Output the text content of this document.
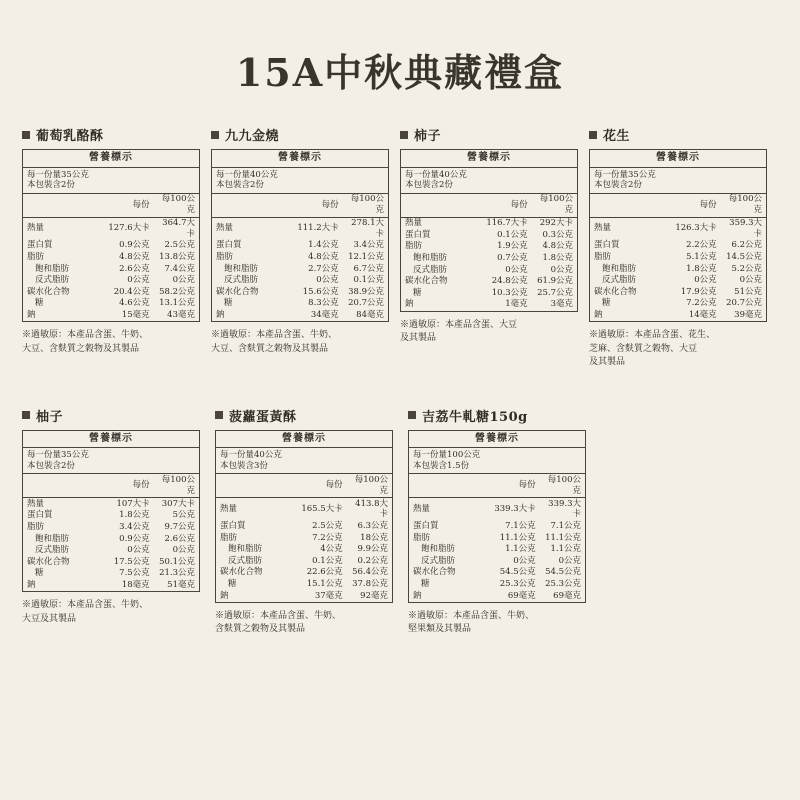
15A中秋典藏禮盒
葡萄乳酪酥
營養標示		

每一份量35公克
本包裝含2份		

	每份	每100公克
熱量	127.6大卡	364.7大卡
蛋白質	0.9公克	2.5公克
脂肪	4.8公克	13.8公克
飽和脂肪	2.6公克	7.4公克
反式脂肪	0公克	0公克
碳水化合物	20.4公克	58.2公克
糖	4.6公克	13.1公克
鈉	15毫克	43毫克
※過敏原：本產品含蛋、牛奶、
大豆、含麩質之穀物及其製品
九九金燒
營養標示		

每一份量40公克
本包裝含2份		

	每份	每100公克
熱量	111.2大卡	278.1大卡
蛋白質	1.4公克	3.4公克
脂肪	4.8公克	12.1公克
飽和脂肪	2.7公克	6.7公克
反式脂肪	0公克	0.1公克
碳水化合物	15.6公克	38.9公克
糖	8.3公克	20.7公克
鈉	34毫克	84毫克
※過敏原：本產品含蛋、牛奶、
大豆、含麩質之穀物及其製品
柿子
營養標示		

每一份量40公克
本包裝含2份		

	每份	每100公克
熱量	116.7大卡	292大卡
蛋白質	0.1公克	0.3公克
脂肪	1.9公克	4.8公克
飽和脂肪	0.7公克	1.8公克
反式脂肪	0公克	0公克
碳水化合物	24.8公克	61.9公克
糖	10.3公克	25.7公克
鈉	1毫克	3毫克
※過敏原：本產品含蛋、大豆
及其製品
花生
營養標示		

每一份量35公克
本包裝含2份		

	每份	每100公克
熱量	126.3大卡	359.3大卡
蛋白質	2.2公克	6.2公克
脂肪	5.1公克	14.5公克
飽和脂肪	1.8公克	5.2公克
反式脂肪	0公克	0公克
碳水化合物	17.9公克	51公克
糖	7.2公克	20.7公克
鈉	14毫克	39毫克
※過敏原：本產品含蛋、花生、
芝麻、含麩質之穀物、大豆
及其製品
柚子
營養標示		

每一份量35公克
本包裝含2份		

	每份	每100公克
熱量	107大卡	307大卡
蛋白質	1.8公克	5公克
脂肪	3.4公克	9.7公克
飽和脂肪	0.9公克	2.6公克
反式脂肪	0公克	0公克
碳水化合物	17.5公克	50.1公克
糖	7.5公克	21.3公克
鈉	18毫克	51毫克
※過敏原：本產品含蛋、牛奶、
大豆及其製品
菠蘿蛋黃酥
營養標示		

每一份量40公克
本包裝含3份		

	每份	每100公克
熱量	165.5大卡	413.8大卡
蛋白質	2.5公克	6.3公克
脂肪	7.2公克	18公克
飽和脂肪	4公克	9.9公克
反式脂肪	0.1公克	0.2公克
碳水化合物	22.6公克	56.4公克
糖	15.1公克	37.8公克
鈉	37毫克	92毫克
※過敏原：本產品含蛋、牛奶、
含麩質之穀物及其製品
吉荔牛軋糖150g
營養標示		

每一份量100公克
本包裝含1.5份		

	每份	每100公克
熱量	339.3大卡	339.3大卡
蛋白質	7.1公克	7.1公克
脂肪	11.1公克	11.1公克
飽和脂肪	1.1公克	1.1公克
反式脂肪	0公克	0公克
碳水化合物	54.5公克	54.5公克
糖	25.3公克	25.3公克
鈉	69毫克	69毫克
※過敏原：本產品含蛋、牛奶、
堅果類及其製品
